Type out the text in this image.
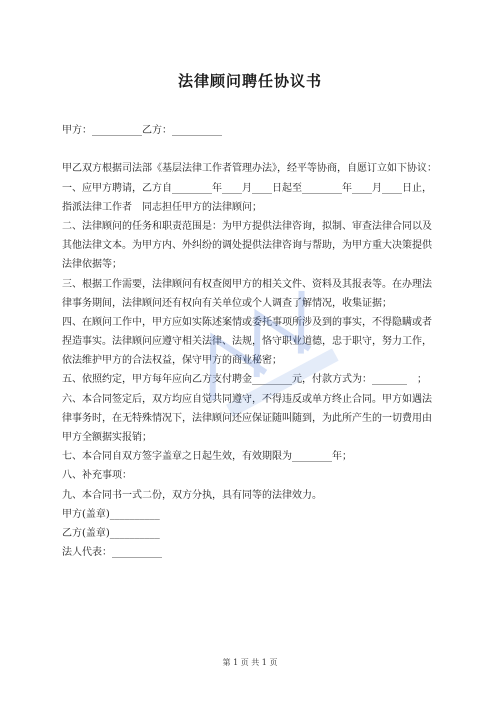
法律顾问聘任协议书
甲方：__________乙方：__________
甲乙双方根据司法部《基层法律工作者管理办法》，经平等协商，自愿订立如下协议：
一、应甲方聘请，乙方自________年____月____日起至________年____月____日止，
指派法律工作者　同志担任甲方的法律顾问；
二、法律顾问的任务和职责范围是：为甲方提供法律咨询，拟制、审查法律合同以及
其他法律文本。为甲方内、外纠纷的调处提供法律咨询与帮助，为甲方重大决策提供
法律依据等；
三、根据工作需要，法律顾问有权查阅甲方的相关文件、资料及其报表等。在办理法
律事务期间，法律顾问还有权向有关单位或个人调查了解情况，收集证据；
四、在顾问工作中，甲方应如实陈述案情或委托事项所涉及到的事实，不得隐瞒或者
捏造事实。法律顾问应遵守相关法律、法规，恪守职业道德，忠于职守，努力工作，
依法维护甲方的合法权益，保守甲方的商业秘密；
五、依照约定，甲方每年应向乙方支付聘金________元，付款方式为：_______　；
六、本合同签定后，双方均应自觉共同遵守，不得违反或单方终止合同。甲方如遇法
律事务时，在无特殊情况下，法律顾问还应保证随叫随到，为此所产生的一切费用由
甲方全额据实报销；
七、本合同自双方签字盖章之日起生效，有效期限为________年；
八、补充事项：
九、本合同书一式二份，双方分执，具有同等的法律效力。
甲方(盖章)__________
乙方(盖章)__________
法人代表：__________
第 1 页 共 1 页
